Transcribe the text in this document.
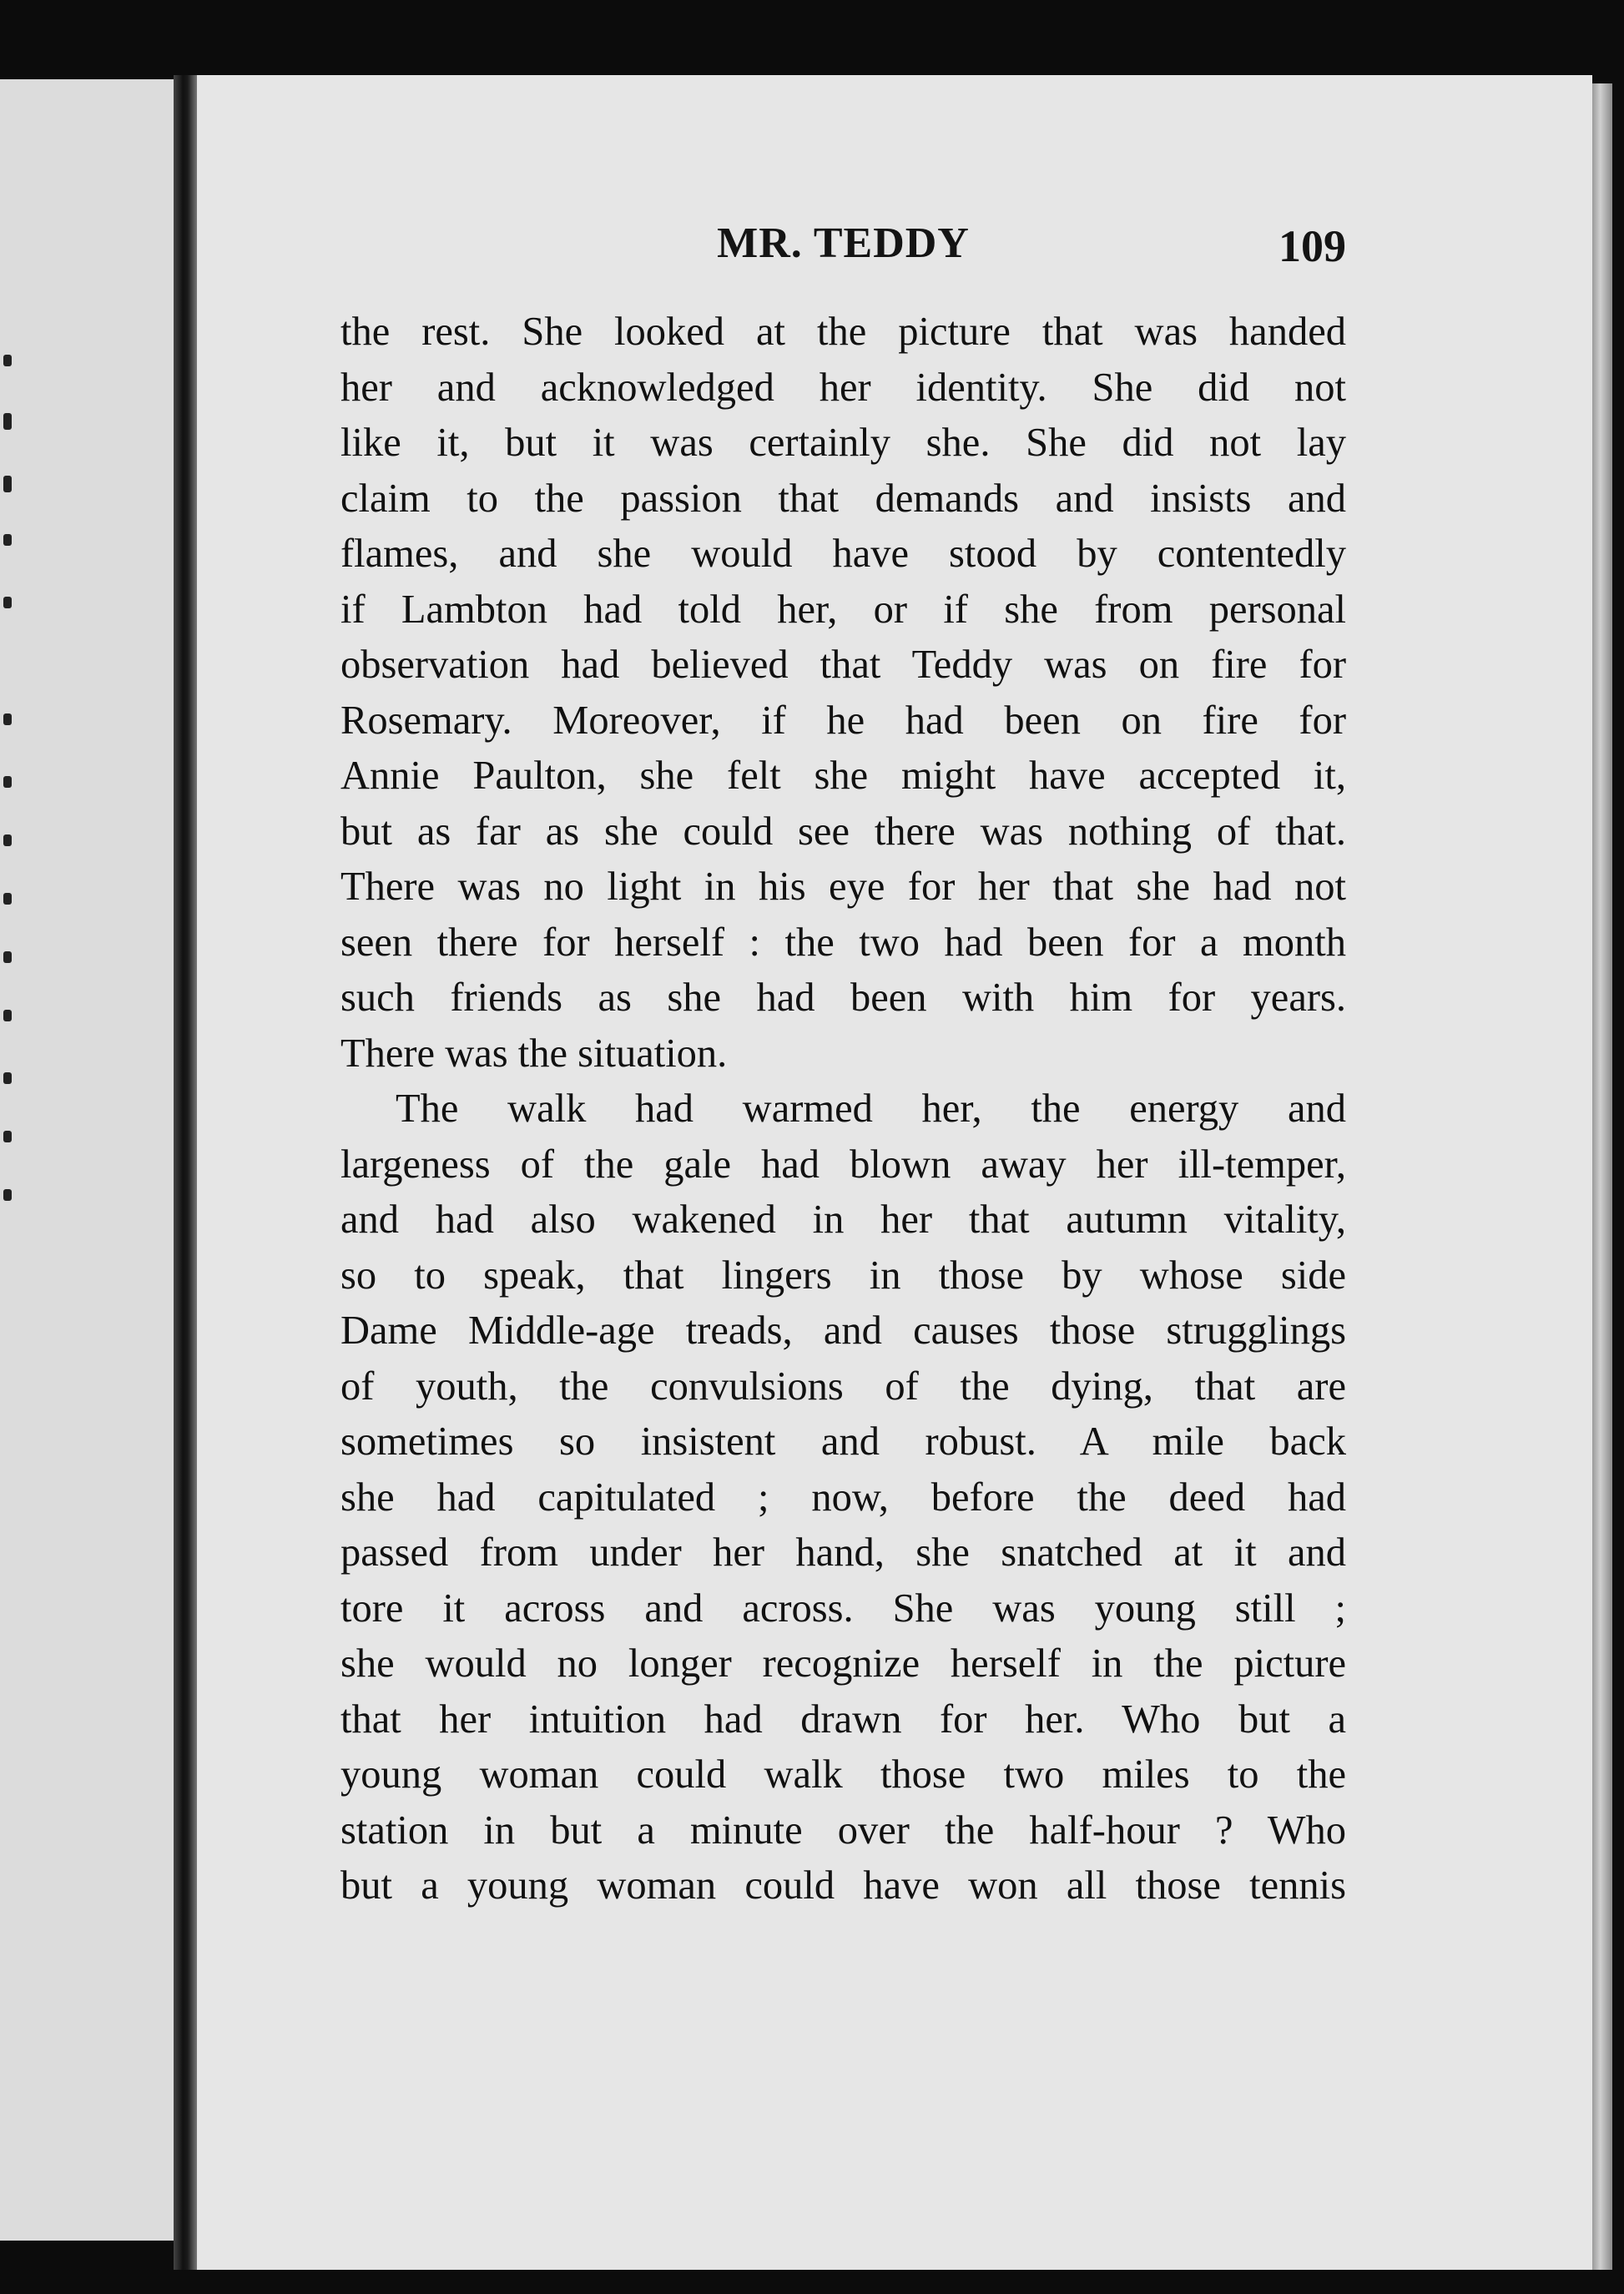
MR. TEDDY	109
the rest. She looked at the picture that was handed
her and acknowledged her identity. She did not
like it, but it was certainly she. She did not lay
claim to the passion that demands and insists and
flames, and she would have stood by contentedly
if Lambton had told her, or if she from personal
observation had believed that Teddy was on fire for
Rosemary. Moreover, if he had been on fire for
Annie Paulton, she felt she might have accepted it,
but as far as she could see there was nothing of that.
There was no light in his eye for her that she had not
seen there for herself : the two had been for a month
such friends as she had been with him for years.
There was the situation.
The walk had warmed her, the energy and
largeness of the gale had blown away her ill-temper,
and had also wakened in her that autumn vitality,
so to speak, that lingers in those by whose side
Dame Middle-age treads, and causes those strugglings
of youth, the convulsions of the dying, that are
sometimes so insistent and robust. A mile back
she had capitulated ; now, before the deed had
passed from under her hand, she snatched at it and
tore it across and across. She was young still ;
she would no longer recognize herself in the picture
that her intuition had drawn for her. Who but a
young woman could walk those two miles to the
station in but a minute over the half-hour ? Who
but a young woman could have won all those tennis
